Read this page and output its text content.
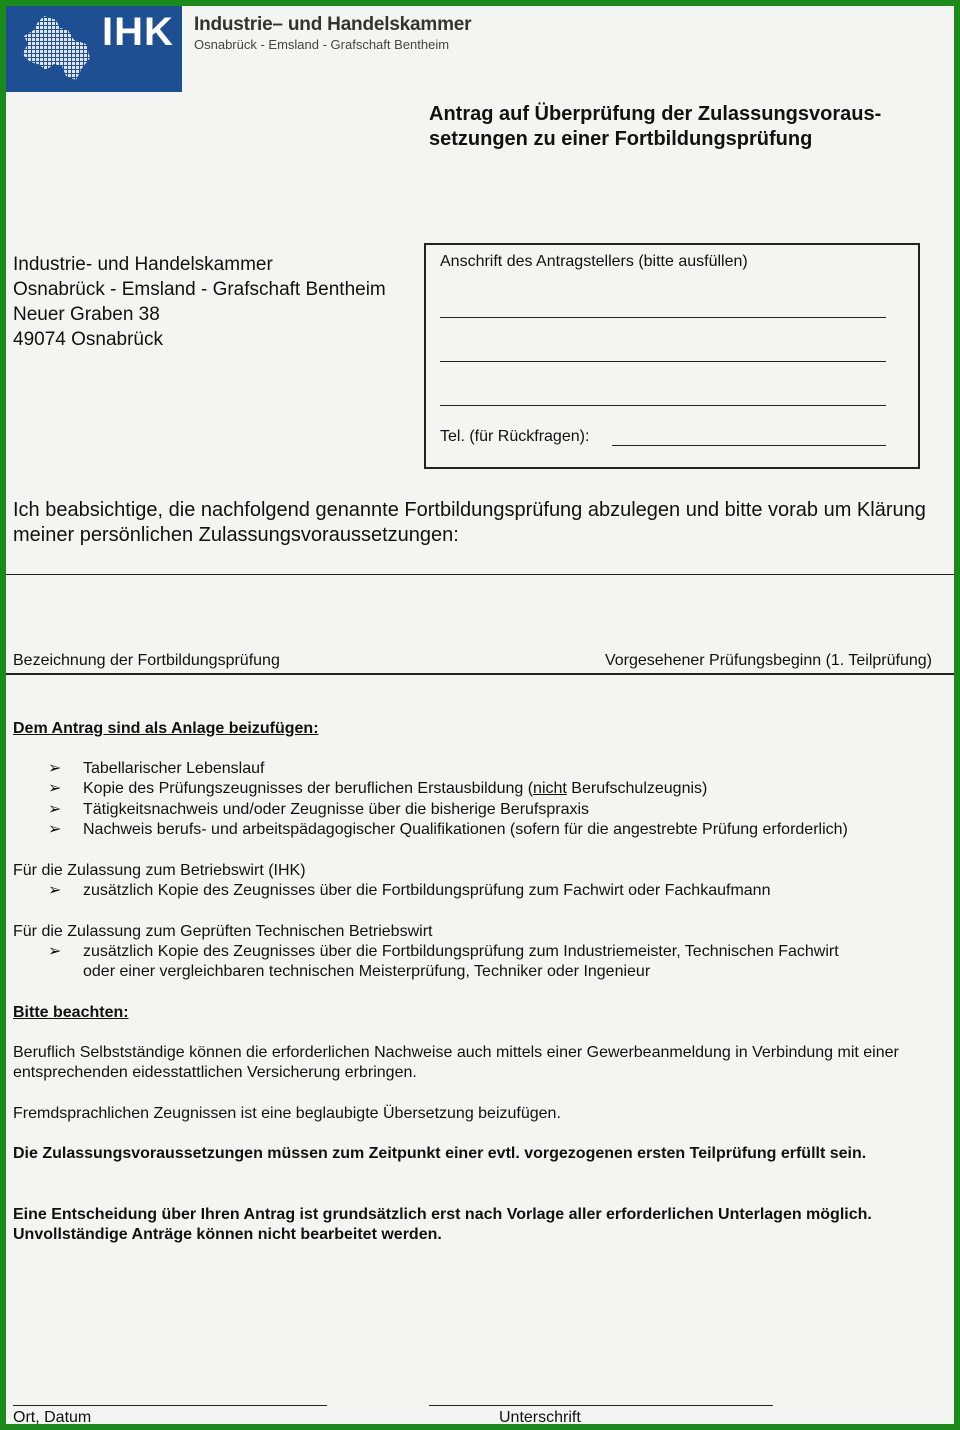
IHK Industrie– und Handelskammer
Osnabrück - Emsland - Grafschaft Bentheim
Antrag auf Überprüfung der Zulassungsvoraus-
setzungen zu einer Fortbildungsprüfung
Industrie- und Handelskammer
Osnabrück - Emsland - Grafschaft Bentheim
Neuer Graben 38
49074 Osnabrück
Anschrift des Antragstellers (bitte ausfüllen)
Tel. (für Rückfragen):
Ich beabsichtige, die nachfolgend genannte Fortbildungsprüfung abzulegen und bitte vorab um Klärung meiner persönlichen Zulassungsvoraussetzungen:
Bezeichnung der Fortbildungsprüfung	Vorgesehener Prüfungsbeginn (1. Teilprüfung)
Dem Antrag sind als Anlage beizufügen:
➢ Tabellarischer Lebenslauf
➢ Kopie des Prüfungszeugnisses der beruflichen Erstausbildung (nicht Berufschulzeugnis)
➢ Tätigkeitsnachweis und/oder Zeugnisse über die bisherige Berufspraxis
➢ Nachweis berufs- und arbeitspädagogischer Qualifikationen (sofern für die angestrebte Prüfung erforderlich)
Für die Zulassung zum Betriebswirt (IHK)
➢ zusätzlich Kopie des Zeugnisses über die Fortbildungsprüfung zum Fachwirt oder Fachkaufmann
Für die Zulassung zum Geprüften Technischen Betriebswirt
➢ zusätzlich Kopie des Zeugnisses über die Fortbildungsprüfung zum Industriemeister, Technischen Fachwirt
oder einer vergleichbaren technischen Meisterprüfung, Techniker oder Ingenieur
Bitte beachten:
Beruflich Selbstständige können die erforderlichen Nachweise auch mittels einer Gewerbeanmeldung in Verbindung mit einer entsprechenden eidesstattlichen Versicherung erbringen.
Fremdsprachlichen Zeugnissen ist eine beglaubigte Übersetzung beizufügen.
Die Zulassungsvoraussetzungen müssen zum Zeitpunkt einer evtl. vorgezogenen ersten Teilprüfung erfüllt sein.
Eine Entscheidung über Ihren Antrag ist grundsätzlich erst nach Vorlage aller erforderlichen Unterlagen möglich. Unvollständige Anträge können nicht bearbeitet werden.
Ort, Datum	Unterschrift
